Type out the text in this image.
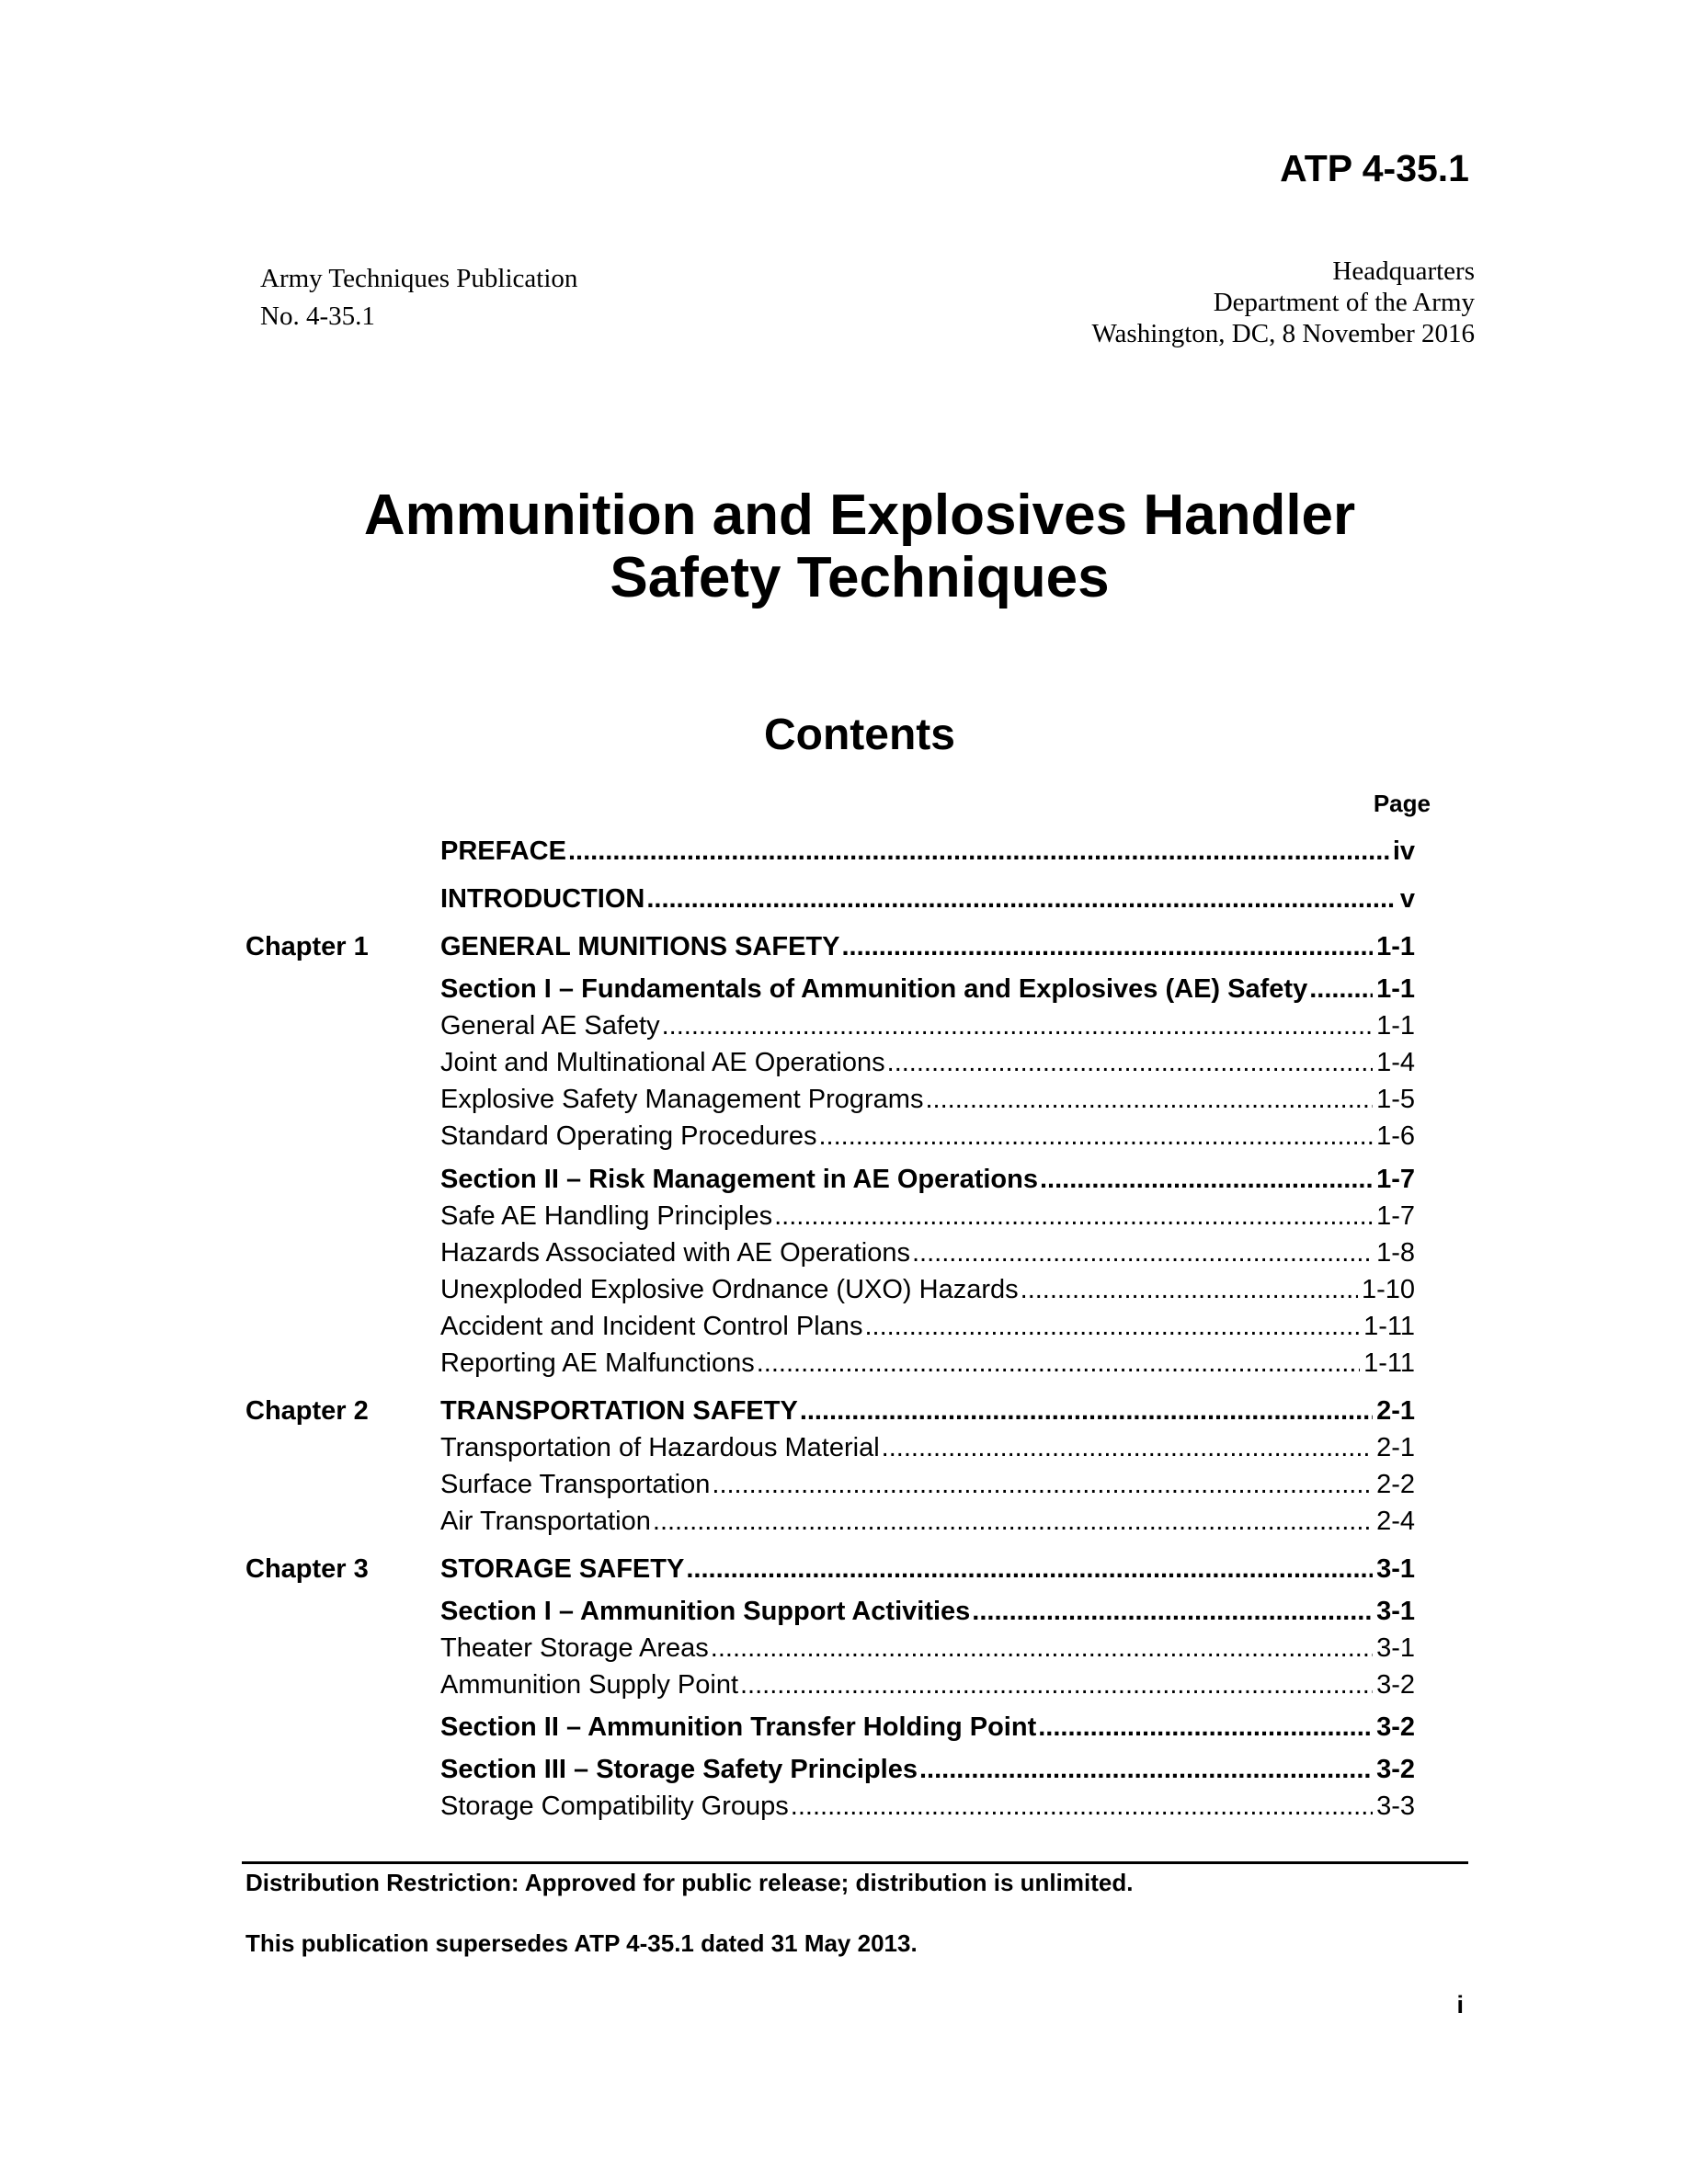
ATP 4-35.1
Army Techniques Publication
No. 4-35.1
Headquarters
Department of the Army
Washington, DC, 8 November 2016
Ammunition and Explosives Handler
Safety Techniques
Contents
Page
PREFACE .....	iv
INTRODUCTION .....	v
Chapter 1	GENERAL MUNITIONS SAFETY .....	1-1
Section I – Fundamentals of Ammunition and Explosives (AE) Safety .....	1-1
General AE Safety .....	1-1
Joint and Multinational AE Operations .....	1-4
Explosive Safety Management Programs .....	1-5
Standard Operating Procedures .....	1-6
Section II – Risk Management in AE Operations .....	1-7
Safe AE Handling Principles .....	1-7
Hazards Associated with AE Operations .....	1-8
Unexploded Explosive Ordnance (UXO) Hazards .....	1-10
Accident and Incident Control Plans .....	1-11
Reporting AE Malfunctions .....	1-11
Chapter 2	TRANSPORTATION SAFETY .....	2-1
Transportation of Hazardous Material .....	2-1
Surface Transportation .....	2-2
Air Transportation .....	2-4
Chapter 3	STORAGE SAFETY .....	3-1
Section I – Ammunition Support Activities .....	3-1
Theater Storage Areas .....	3-1
Ammunition Supply Point .....	3-2
Section II – Ammunition Transfer Holding Point .....	3-2
Section III – Storage Safety Principles .....	3-2
Storage Compatibility Groups .....	3-3
Distribution Restriction: Approved for public release; distribution is unlimited.
This publication supersedes ATP 4-35.1 dated 31 May 2013.
i
